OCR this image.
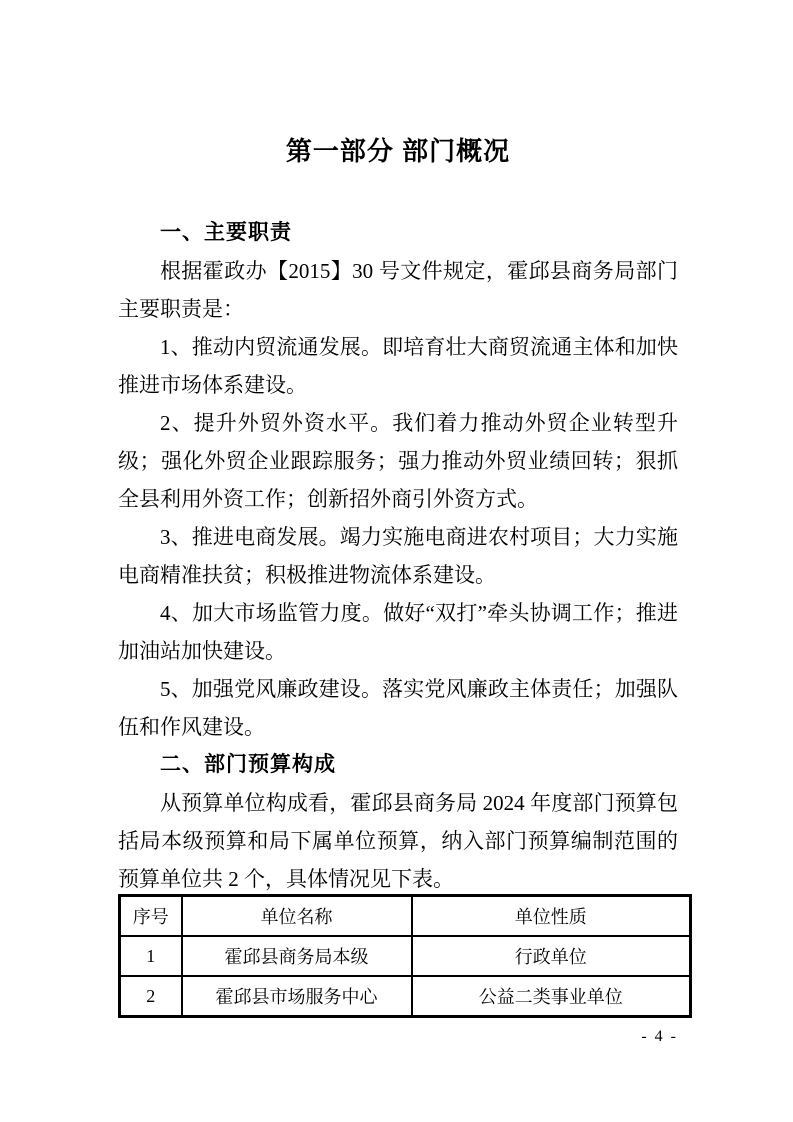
第一部分 部门概况
一、主要职责

根据霍政办【2015】30 号文件规定，霍邱县商务局部门主要职责是：

1、推动内贸流通发展。即培育壮大商贸流通主体和加快推进市场体系建设。

2、提升外贸外资水平。我们着力推动外贸企业转型升级；强化外贸企业跟踪服务；强力推动外贸业绩回转；狠抓全县利用外资工作；创新招外商引外资方式。

3、推进电商发展。竭力实施电商进农村项目；大力实施电商精准扶贫；积极推进物流体系建设。

4、加大市场监管力度。做好“双打”牵头协调工作；推进加油站加快建设。

5、加强党风廉政建设。落实党风廉政主体责任；加强队伍和作风建设。

二、部门预算构成

从预算单位构成看，霍邱县商务局 2024 年度部门预算包括局本级预算和局下属单位预算，纳入部门预算编制范围的预算单位共 2 个，具体情况见下表。

序号	单位名称	单位性质
1	霍邱县商务局本级	行政单位
2	霍邱县市场服务中心	公益二类事业单位
- 4 -
